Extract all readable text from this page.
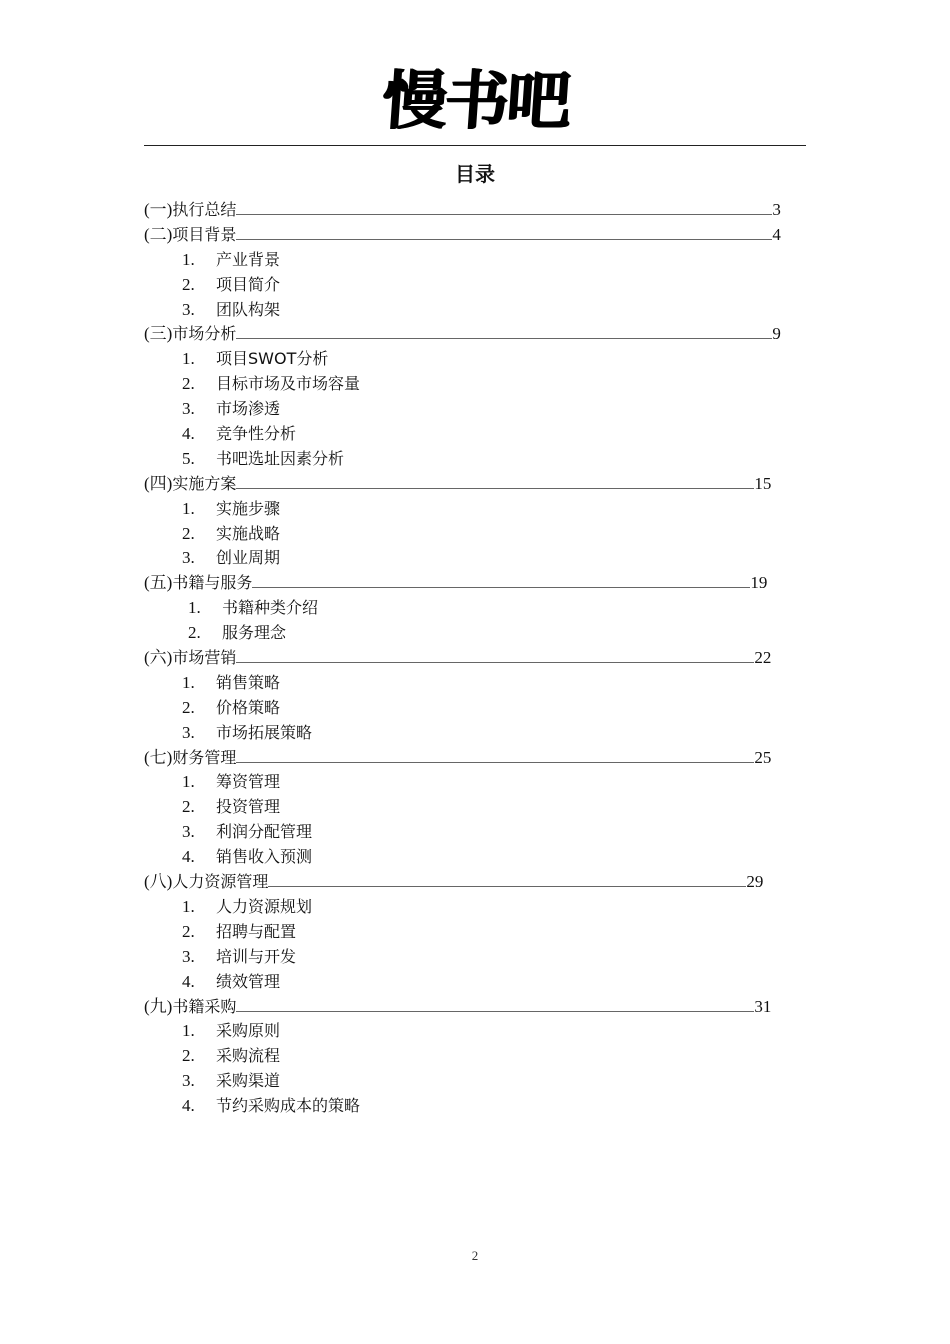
慢书吧
目录
(一) 执行总结	3
(二) 项目背景	4
1.	产业背景
2.	项目简介
3.	团队构架
(三) 市场分析	9
1.	项目SWOT分析
2.	目标市场及市场容量
3.	市场渗透
4.	竞争性分析
5.	书吧选址因素分析
(四) 实施方案	15
1.	实施步骤
2.	实施战略
3.	创业周期
(五) 书籍与服务	19
1.	书籍种类介绍
2.	服务理念
(六) 市场营销	22
1.	销售策略
2.	价格策略
3.	市场拓展策略
(七) 财务管理	25
1.	筹资管理
2.	投资管理
3.	利润分配管理
4.	销售收入预测
(八) 人力资源管理	29
1.	人力资源规划
2.	招聘与配置
3.	培训与开发
4.	绩效管理
(九) 书籍采购	31
1.	采购原则
2.	采购流程
3.	采购渠道
4.	节约采购成本的策略
2
